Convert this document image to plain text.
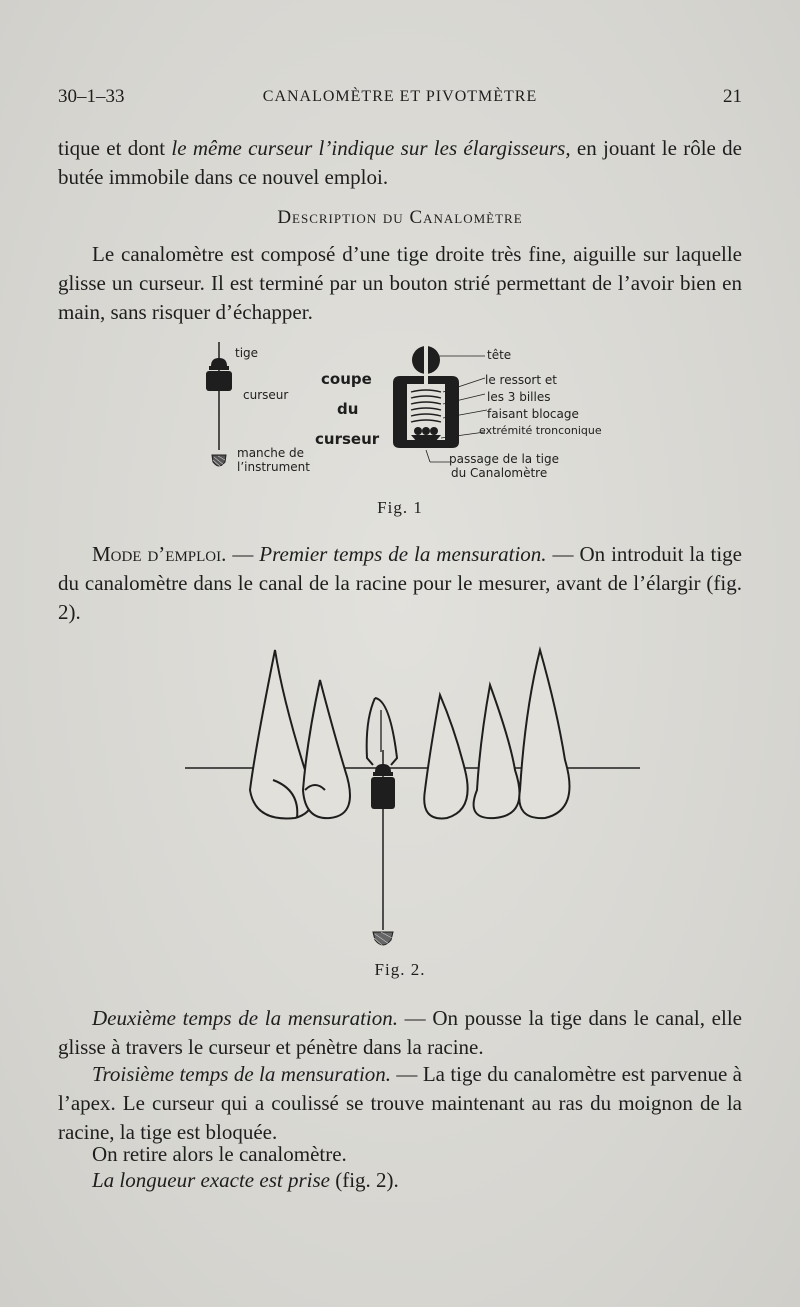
30–1–33	CANALOMÈTRE ET PIVOTMÈTRE	21
tique et dont le même curseur l’indique sur les élargisseurs, en jouant le rôle de butée immobile dans ce nouvel emploi.
Description du Canalomètre
Le canalomètre est composé d’une tige droite très fine, aiguille sur laquelle glisse un curseur. Il est terminé par un bouton strié permettant de l’avoir bien en main, sans risquer d’échapper.
tige
curseur
manche de
l’instrument
coupe
du
curseur
tête
le ressort et
les 3 billes
faisant blocage
extrémité tronconique
passage de la tige
du Canalomètre
Fig. 1
Mode d’emploi. — Premier temps de la mensuration. — On introduit la tige du canalomètre dans le canal de la racine pour le mesurer, avant de l’élargir (fig. 2).
Fig. 2.
Deuxième temps de la mensuration. — On pousse la tige dans le canal, elle glisse à travers le curseur et pénètre dans la racine.
Troisième temps de la mensuration. — La tige du canalomètre est parvenue à l’apex. Le curseur qui a coulissé se trouve maintenant au ras du moignon de la racine, la tige est bloquée.
On retire alors le canalomètre.
La longueur exacte est prise (fig. 2).
